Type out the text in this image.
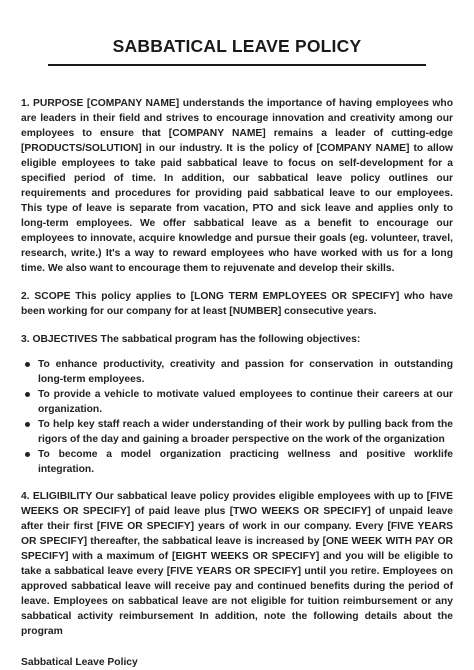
SABBATICAL LEAVE POLICY

1. PURPOSE [COMPANY NAME] understands the importance of having employees who are leaders in their field and strives to encourage innovation and creativity among our employees to ensure that [COMPANY NAME] remains a leader of cutting-edge [PRODUCTS/SOLUTION] in our industry. It is the policy of [COMPANY NAME] to allow eligible employees to take paid sabbatical leave to focus on self-development for a specified period of time. In addition, our sabbatical leave policy outlines our requirements and procedures for providing paid sabbatical leave to our employees. This type of leave is separate from vacation, PTO and sick leave and applies only to long-term employees. We offer sabbatical leave as a benefit to encourage our employees to innovate, acquire knowledge and pursue their goals (eg. volunteer, travel, research, write.) It's a way to reward employees who have worked with us for a long time. We also want to encourage them to rejuvenate and develop their skills.

2. SCOPE This policy applies to [LONG TERM EMPLOYEES OR SPECIFY] who have been working for our company for at least [NUMBER] consecutive years.

3. OBJECTIVES The sabbatical program has the following objectives:

To enhance productivity, creativity and passion for conservation in outstanding long-term employees.
To provide a vehicle to motivate valued employees to continue their careers at our organization.
To help key staff reach a wider understanding of their work by pulling back from the rigors of the day and gaining a broader perspective on the work of the organization
To become a model organization practicing wellness and positive worklife integration.

4. ELIGIBILITY Our sabbatical leave policy provides eligible employees with up to [FIVE WEEKS OR SPECIFY] of paid leave plus [TWO WEEKS OR SPECIFY] of unpaid leave after their first [FIVE OR SPECIFY] years of work in our company. Every [FIVE YEARS OR SPECIFY] thereafter, the sabbatical leave is increased by [ONE WEEK WITH PAY OR SPECIFY] with a maximum of [EIGHT WEEKS OR SPECIFY] and you will be eligible to take a sabbatical leave every [FIVE YEARS OR SPECIFY] until you retire. Employees on approved sabbatical leave will receive pay and continued benefits during the period of leave. Employees on sabbatical leave are not eligible for tuition reimbursement or any sabbatical activity reimbursement In addition, note the following details about the program

Sabbatical Leave Policy
